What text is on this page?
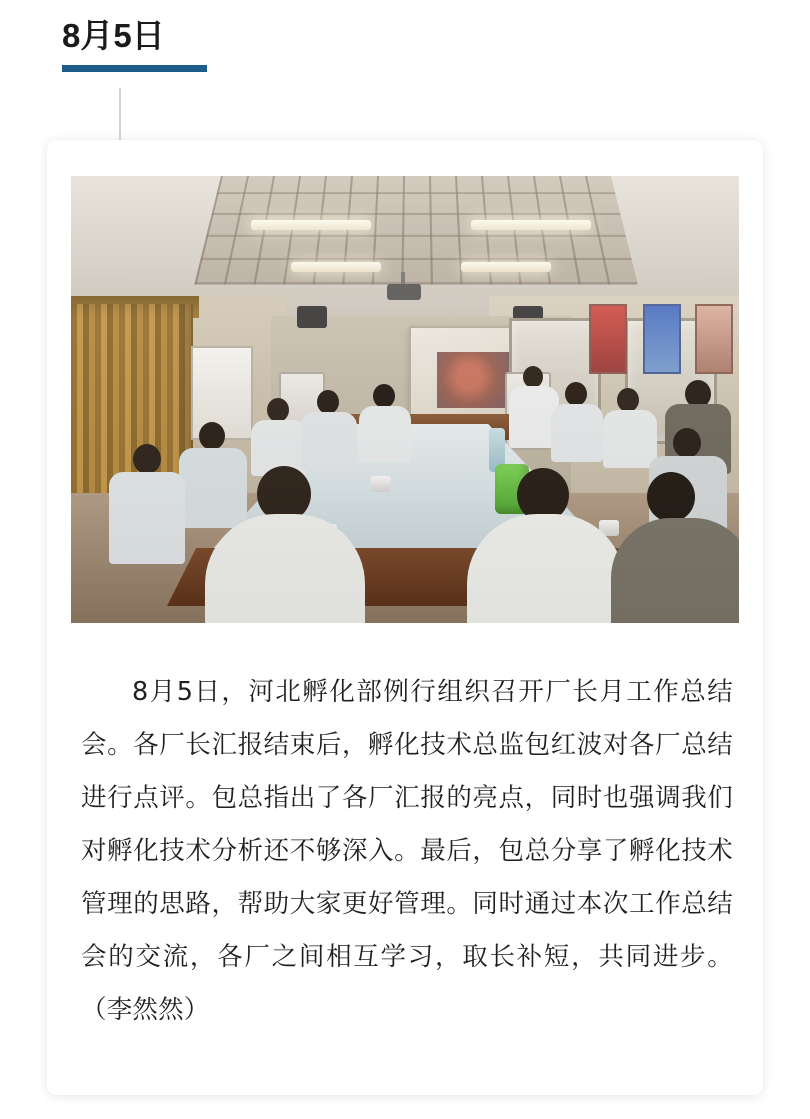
8月5日

8月5日，河北孵化部例行组织召开厂长月工作总结会。各厂长汇报结束后，孵化技术总监包红波对各厂总结进行点评。包总指出了各厂汇报的亮点，同时也强调我们对孵化技术分析还不够深入。最后，包总分享了孵化技术管理的思路，帮助大家更好管理。同时通过本次工作总结会的交流，各厂之间相互学习，取长补短，共同进步。（李然然）
